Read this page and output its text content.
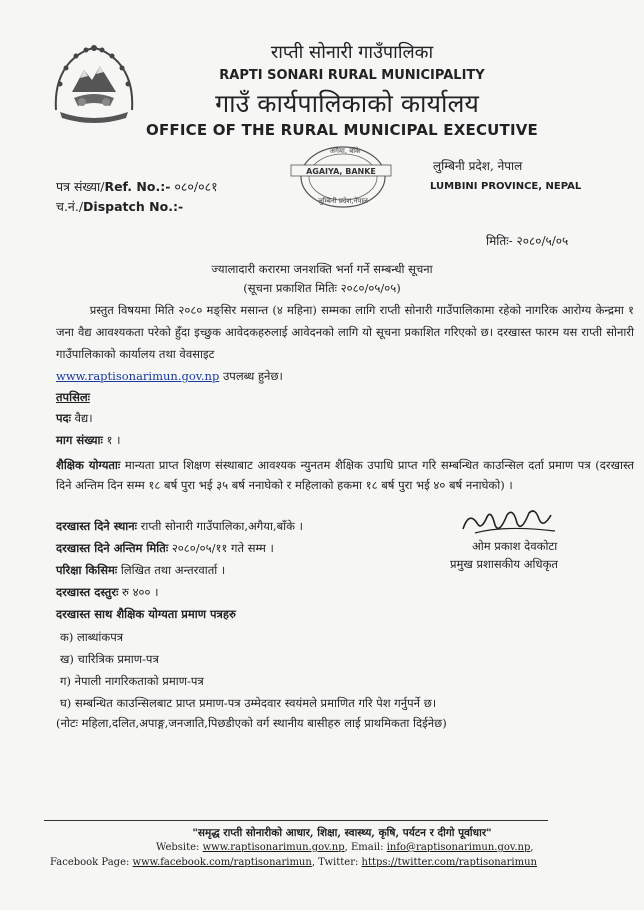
राप्ती सोनारी गाउँपालिका
RAPTI SONARI RURAL MUNICIPALITY
गाउँ कार्यपालिकाको कार्यालय
OFFICE OF THE RURAL MUNICIPAL EXECUTIVE
अगैया, बाँके
AGAIYA, BANKE
लुम्बिनी प्रदेश,नेपाल
लुम्बिनी प्रदेश, नेपाल
LUMBINI PROVINCE, NEPAL
पत्र संख्या/Ref. No.:- ०८०/०८१
च.नं./Dispatch No.:-
मितिः- २०८०/५/०५
ज्यालादारी करारमा जनशक्ति भर्ना गर्ने सम्बन्धी सूचना
(सूचना प्रकाशित मितिः २०८०/०५/०५)
प्रस्तुत विषयमा मिति २०८० मङ्सिर मसान्त (४ महिना) सम्मका लागि राप्ती सोनारी गाउँपालिकामा रहेको नागरिक आरोग्य केन्द्रमा १ जना वैद्य आवश्यकता परेको हुँदा इच्छुक आवेदकहरुलाई आवेदनको लागि यो सूचना प्रकाशित गरिएको छ। दरखास्त फारम यस राप्ती सोनारी गाउँपालिकाको कार्यालय तथा वेवसाइट
www.raptisonarimun.gov.np उपलब्ध हुनेछ।
तपसिलः
पदः वैद्य।
माग संख्याः १ ।
शैक्षिक योग्यताः मान्यता प्राप्त शिक्षण संस्थाबाट आवश्यक न्युनतम शैक्षिक उपाधि प्राप्त गरि सम्बन्धित काउन्सिल दर्ता प्रमाण पत्र (दरखास्त दिने अन्तिम दिन सम्म १८ बर्ष पुरा भई ३५ बर्ष ननाघेको र महिलाको हकमा १८ बर्ष पुरा भई ४० बर्ष ननाघेको) ।
दरखास्त दिने स्थानः राप्ती सोनारी गाउँपालिका,अगैया,बाँके ।
दरखास्त दिने अन्तिम मितिः २०८०/०५/११ गते सम्म ।
परिक्षा किसिमः लिखित तथा अन्तरवार्ता ।
दरखास्त दस्तुरः रु ४०० ।
दरखास्त साथ शैक्षिक योग्यता प्रमाण पत्रहरु
क) लाब्धांकपत्र
ख) चारित्रिक प्रमाण-पत्र
ग) नेपाली नागरिकताको प्रमाण-पत्र
घ) सम्बन्धित काउन्सिलबाट प्राप्त प्रमाण-पत्र उम्मेदवार स्वयंमले प्रमाणित गरि पेश गर्नुपर्ने छ।
(नोटः महिला,दलित,अपाङ्ग,जनजाति,पिछडीएको वर्ग स्थानीय बासीहरु लाई प्राथमिकता दिईनेछ)
ओम प्रकाश देवकोटा
प्रमुख प्रशासकीय अधिकृत
"समृद्ध राप्ती सोनारीको आधार, शिक्षा, स्वास्थ्य, कृषि, पर्यटन र दीगो पूर्वाधार"
Website: www.raptisonarimun.gov.np, Email: info@raptisonarimun.gov.np,
Facebook Page: www.facebook.com/raptisonarimun, Twitter: https://twitter.com/raptisonarimun
